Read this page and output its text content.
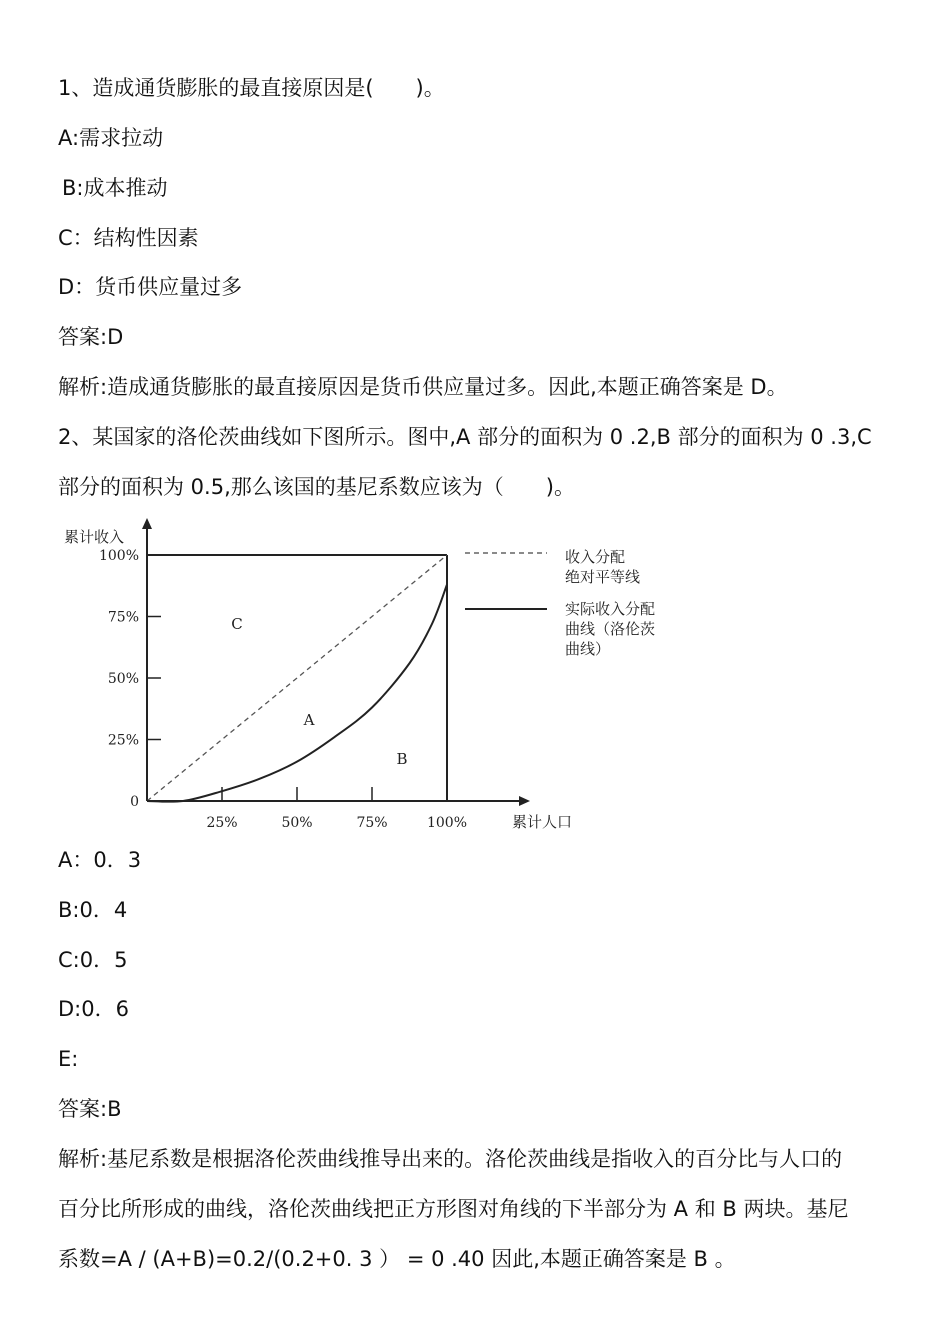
1、造成通货膨胀的最直接原因是(　　)。
A:需求拉动
B:成本推动
C：结构性因素
D：货币供应量过多
答案:D
解析:造成通货膨胀的最直接原因是货币供应量过多。因此,本题正确答案是 D。
2、某国家的洛伦茨曲线如下图所示。图中,A 部分的面积为 0 .2,B 部分的面积为 0 .3,C
部分的面积为 0.5,那么该国的基尼系数应该为（　　)。
0
25%
50%
75%
100%
25%	50%	75%	100%
C
A
B
收入分配
绝对平等线
实际收入分配
曲线（洛伦茨
曲线）
累计收入
累计人口
A：0．3
B:0．4
C:0．5
D:0．6
E:
答案:B
解析:基尼系数是根据洛伦茨曲线推导出来的。洛伦茨曲线是指收入的百分比与人口的
百分比所形成的曲线，洛伦茨曲线把正方形图对角线的下半部分为 A 和 B 两块。基尼
系数=A / (A+B)=0.2/(0.2+0. 3 ） = 0 .40 因此,本题正确答案是 B 。
